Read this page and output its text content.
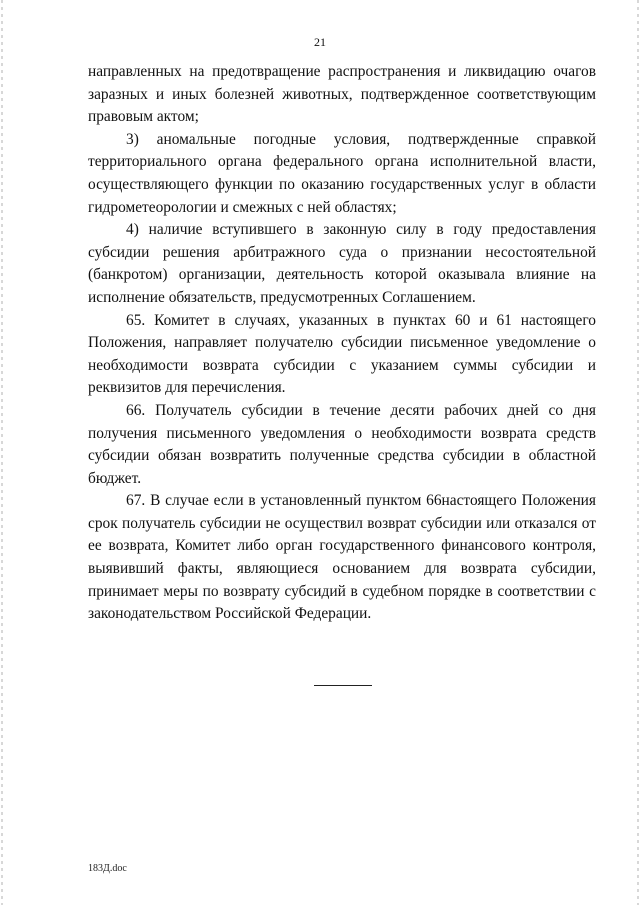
21

направленных на предотвращение распространения и ликвидацию очагов заразных и иных болезней животных, подтвержденное соответствующим правовым актом;

3) аномальные погодные условия, подтвержденные справкой территориального органа федерального органа исполнительной власти, осуществляющего функции по оказанию государственных услуг в области гидрометеорологии и смежных с ней областях;

4) наличие вступившего в законную силу в году предоставления субсидии решения арбитражного суда о признании несостоятельной (банкротом) организации, деятельность которой оказывала влияние на исполнение обязательств, предусмотренных Соглашением.

65. Комитет в случаях, указанных в пунктах 60 и 61 настоящего Положения, направляет получателю субсидии письменное уведомление о необходимости возврата субсидии с указанием суммы субсидии и реквизитов для перечисления.

66. Получатель субсидии в течение десяти рабочих дней со дня получения письменного уведомления о необходимости возврата средств субсидии обязан возвратить полученные средства субсидии в областной бюджет.

67. В случае если в установленный пунктом 66настоящего Положения срок получатель субсидии не осуществил возврат субсидии или отказался от ее возврата, Комитет либо орган государственного финансового контроля, выявивший факты, являющиеся основанием для возврата субсидии, принимает меры по возврату субсидий в судебном порядке в соответствии с законодательством Российской Федерации.

183Д.doc
